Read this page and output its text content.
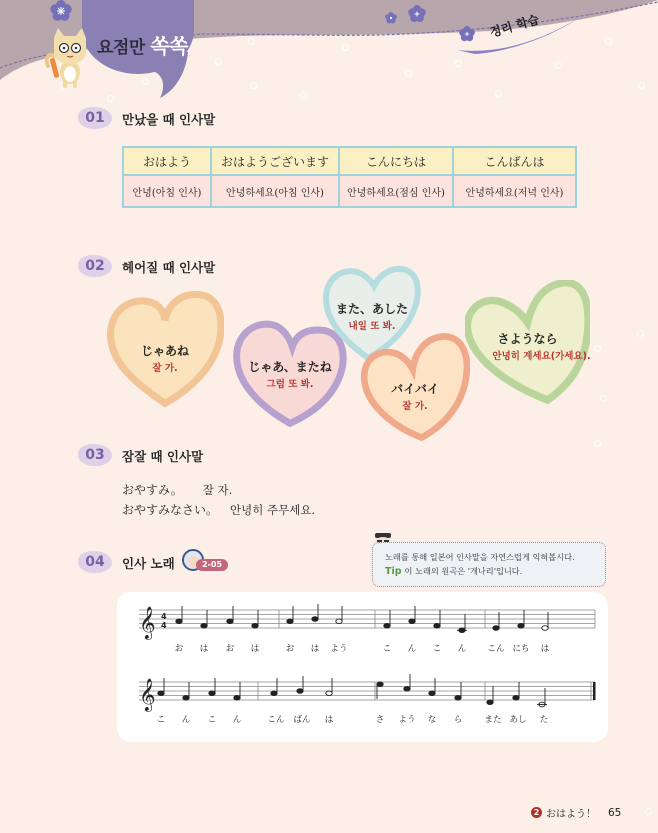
요점만 쏙쏙
정리 학습
01	만났을 때 인사말
おはよう	おはようございます	こんにちは	こんばんは
안녕(아침 인사)	안녕하세요(아침 인사)	안녕하세요(점심 인사)	안녕하세요(저녁 인사)
02	헤어질 때 인사말
じゃあね
잘 가.	じゃあ、またね
그럼 또 봐.
また、あした
내일 또 봐.
バイバイ
잘 가.
さようなら
안녕히 계세요(가세요).
03	잠잘 때 인사말
おやすみ。 잘 자.
おやすみなさい。 안녕히 주무세요.
04	인사 노래	2-05
노래를 통해 일본어 인사말을 자연스럽게 익혀봅시다.
Tip 이 노래의 원곡은 '개나리'입니다.
𝄞 4
4
𝄞
お は お は	お は よう	こ ん こ ん こん にち は
こ ん こ ん	こん ばん は	さ よう な ら	また あし た
2 おはよう！ 65
